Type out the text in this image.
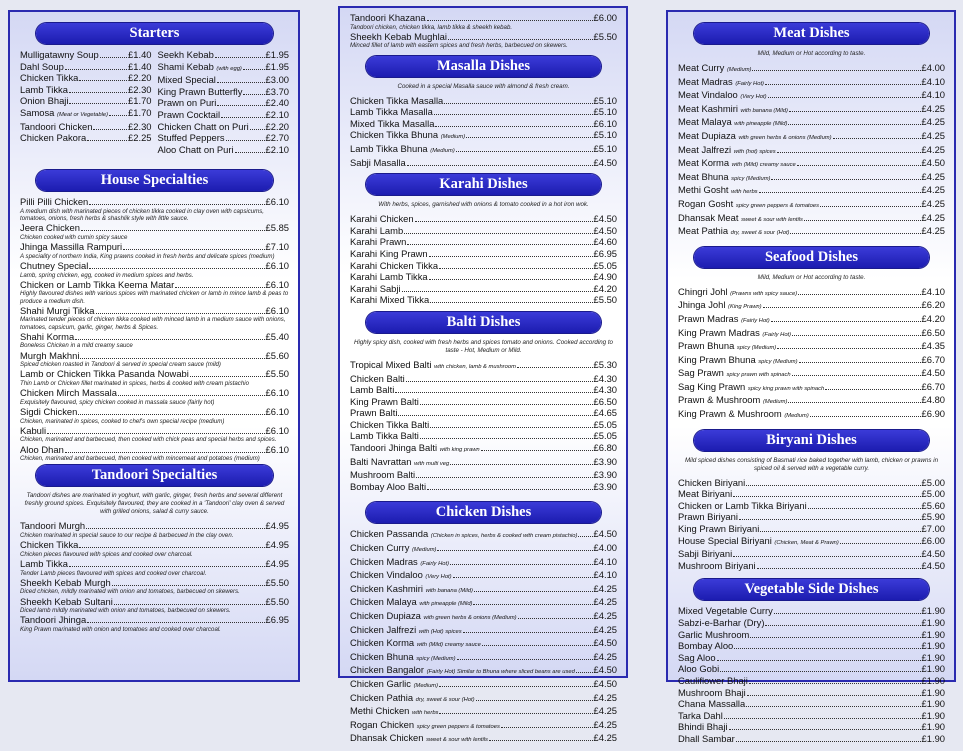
Starters
Mulligatawny Soup	£1.40
Dahl Soup	£1.40
Chicken Tikka	£2.20
Lamb Tikka	£2.30
Onion Bhaji	£1.70
Samosa (Meat or Vegetable) £1.70
Tandoori Chicken	£2.30
Chicken Pakora	£2.25
Seekh Kebab	£1.95
Shami Kebab (with egg)	£1.95
Mixed Special	£3.00
King Prawn Butterfly £3.70
Prawn on Puri	£2.40
Prawn Cocktail	£2.10
Chicken Chatt on Puri £2.20
Stuffed Peppers	£2.70
Aloo Chatt on Puri	£2.10
House Specialties
Pilli Pilli Chicken	£6.10
A medium dish with marinated pieces of chicken tikka cooked in clay oven with capsicums, tomatoes, onions, fresh herbs & shashlik style with little sauce.
Jeera Chicken	£5.85
Chicken cooked with cumin spicy sauce
Jhinga Massilla Rampuri	£7.10
A speciality of northern India, King prawns cooked in fresh herbs and delicate spices (medium)
Chutney Special	£6.10
Lamb, spring chicken, egg, cooked in medium spices and herbs.
Chicken or Lamb Tikka Keema Matar	£6.10
Highly flavoured dishes with various spices with marinated chicken or lamb in mince lamb & peas to produce a medium dish.
Shahi Murgi Tikka	£6.10
Marinated tender pieces of chicken tikka cooked with minced lamb in a medium sauce with onions, tomatoes, capsicum, garlic, ginger, herbs & Spices.
Shahi Korma	£5.40
Boneless Chicken in a mild creamy sauce
Murgh Makhni	£5.60
Spiced chicken roasted in Tandoori & served in special cream sauce (mild)
Lamb or Chicken Tikka Pasanda Nowabi	£5.50
Thin Lamb or Chicken fillet marinated in spices, herbs & cooked with cream pistachio
Chicken Mirch Massala	£6.10
Exquisitely flavoured, spicy chicken cooked in massala sauce (fairly hot)
Sigdi Chicken	£6.10
Chicken, marinated in spices, cooked to chef's own special recipe (medium)
Kabuli	£6.10
Chicken, marinated and barbecued, then cooked with chick peas and special herbs and spices.
Aloo Dhan	£6.10
Chicken, marinated and barbecued, then cooked with mincemeat and potatoes (medium)
Tandoori Specialties
Tandoori dishes are marinated in yoghurt, with garlic, ginger, fresh herbs and several different freshly ground spices. Exquisitely flavoured, they are cooked in a 'Tandoori' clay oven & served with grilled onions, salad & curry sauce.
Tandoori Murgh	£4.95
Chicken marinated in special sauce to our recipe & barbecued in the clay oven.
Chicken Tikka	£4.95
Chicken pieces flavoured with spices and cooked over charcoal.
Lamb Tikka	£4.95
Tender Lamb pieces flavoured with spices and cooked over charcoal.
Sheekh Kebab Murgh	£5.50
Diced chicken, mildly marinated with onion and tomatoes, barbecued on skewers.
Sheekh Kebab Sultani	£5.50
Diced lamb mildly marinated with onion and tomatoes, barbecued on skewers.
Tandoori Jhinga	£6.95
King Prawn marinated with onion and tomatoes and cooked over charcoal.
Tandoori Khazana	£6.00
Tandoori chicken, chicken tikka, lamb tikka & sheekh kebab.
Sheekh Kebab Mughlai	£5.50
Minced fillet of lamb with eastern spices and fresh herbs, barbecued on skewers.
Masalla Dishes
Cooked in a special Masalla sauce with almond & fresh cream.
Chicken Tikka Masalla	£5.10
Lamb Tikka Masalla	£5.10
Mixed Tikka Masalla	£6.10
Chicken Tikka Bhuna (Medium)	£5.10
Lamb Tikka Bhuna (Medium)	£5.10
Sabji Masalla	£4.50
Karahi Dishes
With herbs, spices, garnished with onions & tomato cooked in a hot iron wok.
Karahi Chicken	£4.50
Karahi Lamb	£4.50
Karahi Prawn	£4.60
Karahi King Prawn	£6.95
Karahi Chicken Tikka	£5.05
Karahi Lamb Tikka	£4.90
Karahi Sabji	£4.20
Karahi Mixed Tikka	£5.50
Balti Dishes
Highly spicy dish, cooked with fresh herbs and spices tomato and onions. Cooked according to taste - Hot, Medium or Mild.
Tropical Mixed Balti with chicken, lamb & mushroom	£5.30
Chicken Balti	£4.30
Lamb Balti	£4.30
King Prawn Balti	£6.50
Prawn Balti	£4.65
Chicken Tikka Balti	£5.05
Lamb Tikka Balti	£5.05
Tandoori Jhinga Balti with king prawn	£6.80
Balti Navrattan with multi veg	£3.90
Mushroom Balti	£3.90
Bombay Aloo Balti	£3.90
Chicken Dishes
Chicken Passanda (Chicken in spices, herbs & cooked with cream pistachio) £4.50
Chicken Curry (Medium)	£4.00
Chicken Madras (Fairly Hot)	£4.10
Chicken Vindaloo (Very Hot)	£4.10
Chicken Kashmiri with banana (Mild)	£4.25
Chicken Malaya with pineapple (Mild)	£4.25
Chicken Dupiaza with green herbs & onions (Medium)	£4.25
Chicken Jalfrezi with (Hot) spices	£4.25
Chicken Korma with (Mild) creamy sauce	£4.50
Chicken Bhuna spicy (Medium)	£4.25
Chicken Bangalor (Fairly Hot) Similar to Bhuna where sliced beans are used £4.50
Chicken Garlic (Medium)	£4.50
Chicken Pathia dry, sweet & sour (Hot)	£4.25
Methi Chicken with herbs	£4.25
Rogan Chicken spicy green peppers & tomatoes	£4.25
Dhansak Chicken sweet & sour with lentils	£4.25
Meat Dishes
Mild, Medium or Hot according to taste.
Meat Curry (Medium)	£4.00
Meat Madras (Fairly Hot)	£4.10
Meat Vindaloo (Very Hot)	£4.10
Meat Kashmiri with banana (Mild)	£4.25
Meat Malaya with pineapple (Mild)	£4.25
Meat Dupiaza with green herbs & onions (Medium)	£4.25
Meat Jalfrezi with (hot) spices	£4.25
Meat Korma with (Mild) creamy sauce	£4.50
Meat Bhuna spicy (Medium)	£4.25
Methi Gosht with herbs	£4.25
Rogan Gosht spicy green peppers & tomatoes	£4.25
Dhansak Meat sweet & sour with lentils	£4.25
Meat Pathia dry, sweet & sour (Hot)	£4.25
Seafood Dishes
Mild, Medium or Hot according to taste.
Chingri Johl (Prawns with spicy sauce)	£4.10
Jhinga Johl (King Prawn)	£6.20
Prawn Madras (Fairly Hot)	£4.20
King Prawn Madras (Fairly Hot)	£6.50
Prawn Bhuna spicy (Medium)	£4.35
King Prawn Bhuna spicy (Medium)	£6.70
Sag Prawn spicy prawn with spinach	£4.50
Sag King Prawn spicy king prawn with spinach	£6.70
Prawn & Mushroom (Medium)	£4.80
King Prawn & Mushroom (Medium)	£6.90
Biryani Dishes
Mild spiced dishes consisting of Basmati rice baked together with lamb, chicken or prawns in spiced oil & served with a vegetable curry.
Chicken Biriyani	£5.00
Meat Biriyani	£5.00
Chicken or Lamb Tikka Biriyani	£5.60
Prawn Biriyani	£5.90
King Prawn Biriyani	£7.00
House Special Biriyani (Chicken, Meat & Prawn)	£6.00
Sabji Biriyani	£4.50
Mushroom Biriyani	£4.50
Vegetable Side Dishes
Mixed Vegetable Curry	£1.90
Sabzi-e-Barhar (Dry)	£1.90
Garlic Mushroom	£1.90
Bombay Aloo	£1.90
Sag Aloo	£1.90
Aloo Gobi	£1.90
Cauliflower Bhaji	£1.90
Mushroom Bhaji	£1.90
Chana Massalla	£1.90
Tarka Dahl	£1.90
Bhindi Bhaji	£1.90
Dhall Sambar	£1.90
